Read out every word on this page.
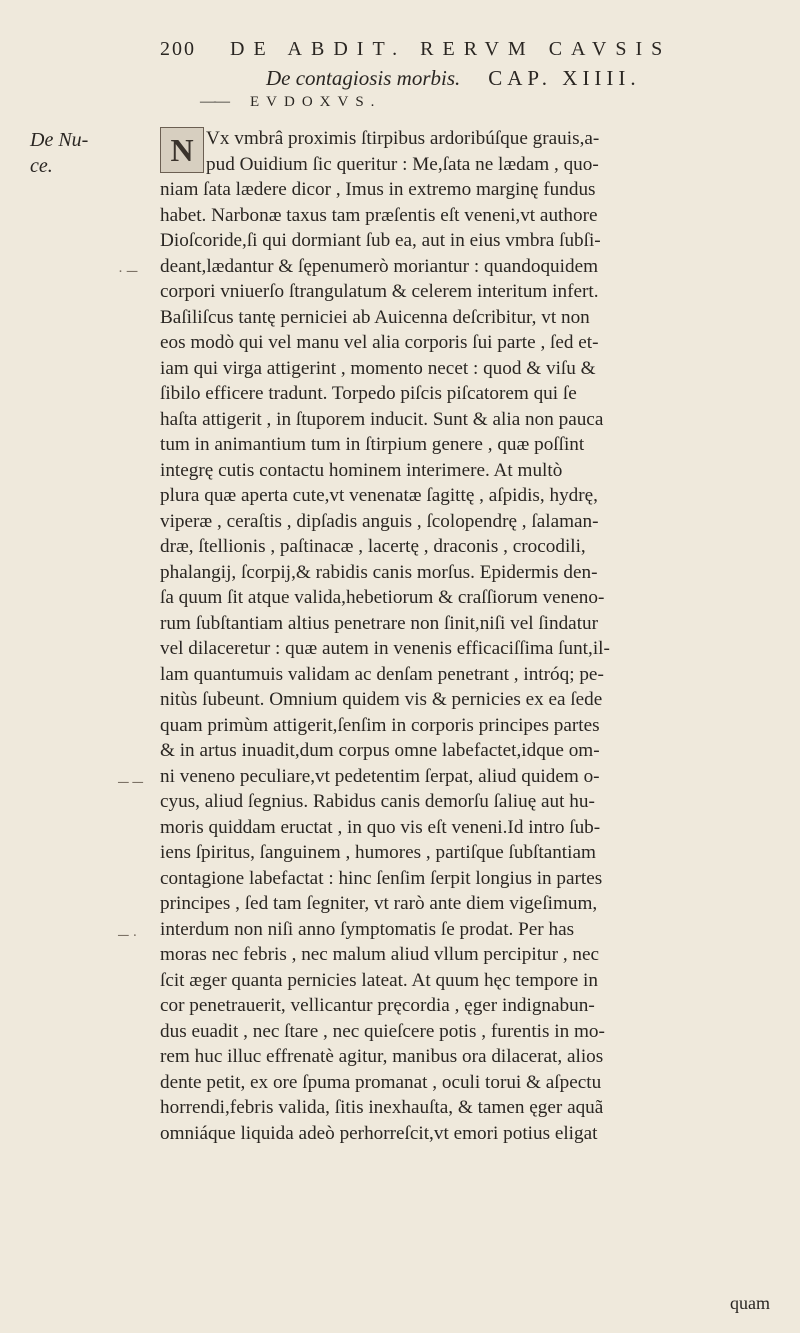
200 DE ABDIT. RERVM CAVSIS
De contagiosis morbis. CAP. XIIII.
—— EVDOXVS.
De Nu-
ce.	N Vx vmbrâ proximis ſtirpibus ardoribúſque grauis,a-
pud Ouidium ſic queritur : Me,ſata ne lædam , quo-
niam ſata lædere dicor , Imus in extremo marginę fundus
habet. Narbonæ taxus tam præſentis eſt veneni,vt authore
Dioſcoride,ſi qui dormiant ſub ea, aut in eius vmbra ſubſi-
deant,lædantur & ſępenumerò moriantur : quandoquidem
corpori vniuerſo ſtrangulatum & celerem interitum infert.
Baſiliſcus tantę perniciei ab Auicenna deſcribitur, vt non
eos modò qui vel manu vel alia corporis ſui parte , ſed et-
iam qui virga attigerint , momento necet : quod & viſu &
ſibilo efficere tradunt. Torpedo piſcis piſcatorem qui ſe
haſta attigerit , in ſtuporem inducit. Sunt & alia non pauca
tum in animantium tum in ſtirpium genere , quæ poſſint
integrę cutis contactu hominem interimere. At multò
plura quæ aperta cute,vt venenatæ ſagittę , aſpidis, hydrę,
viperæ , ceraſtis , dipſadis anguis , ſcolopendrę , ſalaman-
dræ, ſtellionis , paſtinacæ , lacertę , draconis , crocodili,
phalangij, ſcorpij,& rabidis canis morſus. Epidermis den-
ſa quum ſit atque valida,hebetiorum & craſſiorum veneno-
rum ſubſtantiam altius penetrare non ſinit,niſi vel ſindatur
vel dilaceretur : quæ autem in venenis efficaciſſima ſunt,il-
lam quantumuis validam ac denſam penetrant , intróq; pe-
nitùs ſubeunt. Omnium quidem vis & pernicies ex ea ſede
quam primùm attigerit,ſenſim in corporis principes partes
& in artus inuadit,dum corpus omne labefactet,idque om-
ni veneno peculiare,vt pedetentim ſerpat, aliud quidem o-
cyus, aliud ſegnius. Rabidus canis demorſu ſaliuę aut hu-
moris quiddam eructat , in quo vis eſt veneni.Id intro ſub-
iens ſpiritus, ſanguinem , humores , partiſque ſubſtantiam
contagione labefactat : hinc ſenſim ſerpit longius in partes
principes , ſed tam ſegniter, vt rarò ante diem vigeſimum,
interdum non niſi anno ſymptomatis ſe prodat. Per has
moras nec febris , nec malum aliud vllum percipitur , nec
ſcit æger quanta pernicies lateat. At quum hęc tempore in
cor penetrauerit, vellicantur pręcordia , ęger indignabun-
dus euadit , nec ſtare , nec quieſcere potis , furentis in mo-
rem huc illuc effrenatè agitur, manibus ora dilacerat, alios
dente petit, ex ore ſpuma promanat , oculi torui & aſpectu
horrendi,febris valida, ſitis inexhauſta, & tamen ęger aquã
omniáque liquida adeò perhorreſcit,vt emori potius eligat
quam
· ─
─ ─
─ ·
